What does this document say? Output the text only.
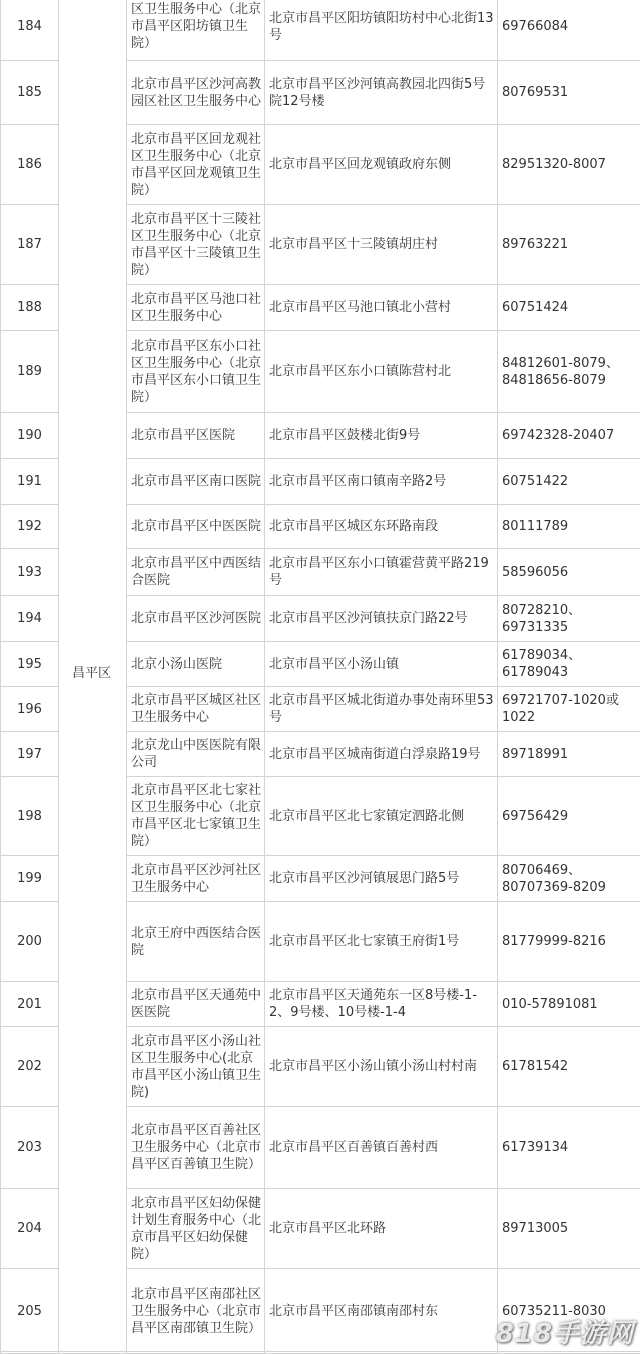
184	昌平区	区卫生服务中心（北京市昌平区阳坊镇卫生院）	北京市昌平区阳坊镇阳坊村中心北街13号	69766084

185		北京市昌平区沙河高教园区社区卫生服务中心	北京市昌平区沙河镇高教园北四街5号院12号楼	80769531

186		北京市昌平区回龙观社区卫生服务中心（北京市昌平区回龙观镇卫生院）	北京市昌平区回龙观镇政府东侧	82951320-8007

187		北京市昌平区十三陵社区卫生服务中心（北京市昌平区十三陵镇卫生院）	北京市昌平区十三陵镇胡庄村	89763221

188		北京市昌平区马池口社区卫生服务中心	北京市昌平区马池口镇北小营村	60751424

189		北京市昌平区东小口社区卫生服务中心（北京市昌平区东小口镇卫生院）	北京市昌平区东小口镇陈营村北	84812601-8079、84818656-8079

190		北京市昌平区医院	北京市昌平区鼓楼北街9号	69742328-20407

191		北京市昌平区南口医院	北京市昌平区南口镇南辛路2号	60751422

192		北京市昌平区中医医院	北京市昌平区城区东环路南段	80111789

193		北京市昌平区中西医结合医院	北京市昌平区东小口镇霍营黄平路219号	58596056

194		北京市昌平区沙河医院	北京市昌平区沙河镇扶京门路22号	80728210、69731335

195		北京小汤山医院	北京市昌平区小汤山镇	61789034、61789043

196		北京市昌平区城区社区卫生服务中心	北京市昌平区城北街道办事处南环里53号	69721707-1020或1022

197		北京龙山中医医院有限公司	北京市昌平区城南街道白浮泉路19号	89718991

198		北京市昌平区北七家社区卫生服务中心（北京市昌平区北七家镇卫生院）	北京市昌平区北七家镇定泗路北侧	69756429

199		北京市昌平区沙河社区卫生服务中心	北京市昌平区沙河镇展思门路5号	80706469、80707369-8209

200		北京王府中西医结合医院	北京市昌平区北七家镇王府街1号	81779999-8216

201		北京市昌平区天通苑中医医院	北京市昌平区天通苑东一区8号楼-1-2、9号楼、10号楼-1-4	010-57891081

202		北京市昌平区小汤山社区卫生服务中心(北京市昌平区小汤山镇卫生院)	北京市昌平区小汤山镇小汤山村村南	61781542

203		北京市昌平区百善社区卫生服务中心（北京市昌平区百善镇卫生院）	北京市昌平区百善镇百善村西	61739134

204		北京市昌平区妇幼保健计划生育服务中心（北京市昌平区妇幼保健院）	北京市昌平区北环路	89713005

205		北京市昌平区南邵社区卫生服务中心（北京市昌平区南邵镇卫生院）	北京市昌平区南邵镇南邵村东	60735211-8030
818手游网
